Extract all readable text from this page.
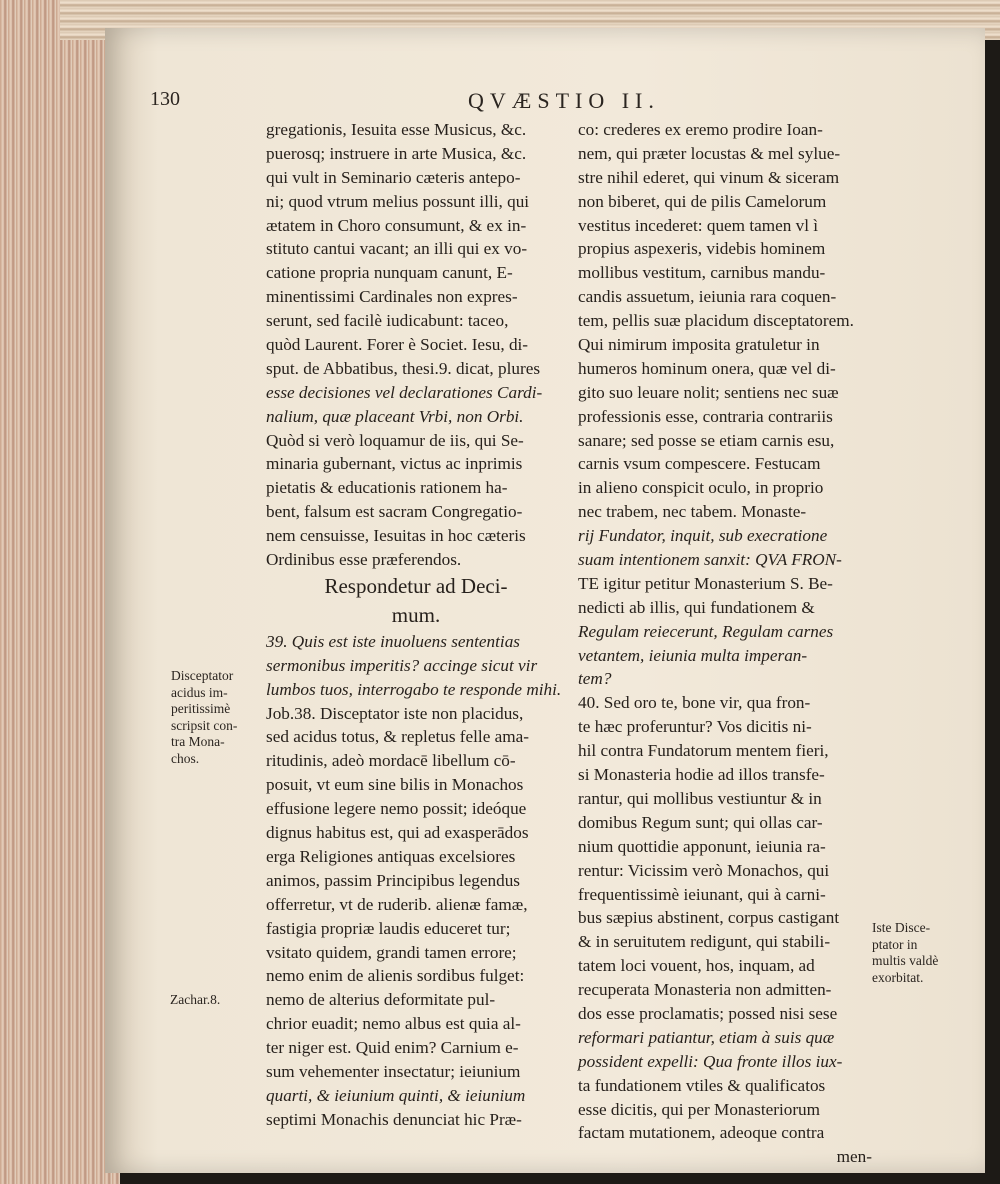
130	QVÆSTIO II.
gregationis, Iesuita esse Musicus, &c.
puerosq; instruere in arte Musica, &c.
qui vult in Seminario cæteris antepo-
ni; quod vtrum melius possunt illi, qui
ætatem in Choro consumunt, & ex in-
stituto cantui vacant; an illi qui ex vo-
catione propria nunquam canunt, E-
minentissimi Cardinales non expres-
serunt, sed facilè iudicabunt: taceo,
quòd Laurent. Forer è Societ. Iesu, di-
sput. de Abbatibus, thesi.9. dicat, plures
esse decisiones vel declarationes Cardi-
nalium, quæ placeant Vrbi, non Orbi.
Quòd si verò loquamur de iis, qui Se-
minaria gubernant, victus ac inprimis
pietatis & educationis rationem ha-
bent, falsum est sacram Congregatio-
nem censuisse, Iesuitas in hoc cæteris
Ordinibus esse præferendos.
Respondetur ad Deci-
mum.
39. Quis est iste inuoluens sententias
sermonibus imperitis? accinge sicut vir
lumbos tuos, interrogabo te responde mihi.
Job.38. Disceptator iste non placidus,
sed acidus totus, & repletus felle ama-
ritudinis, adeò mordacē libellum cō-
posuit, vt eum sine bilis in Monachos
effusione legere nemo possit; ideóque
dignus habitus est, qui ad exasperādos
erga Religiones antiquas excelsiores
animos, passim Principibus legendus
offerretur, vt de ruderib. alienæ famæ,
fastigia propriæ laudis educeret tur;
vsitato quidem, grandi tamen errore;
nemo enim de alienis sordibus fulget:
nemo de alterius deformitate pul-
chrior euadit; nemo albus est quia al-
ter niger est. Quid enim? Carnium e-
sum vehementer insectatur; ieiunium
quarti, & ieiunium quinti, & ieiunium
septimi Monachis denunciat hic Præ-
co: crederes ex eremo prodire Ioan-
nem, qui præter locustas & mel sylue-
stre nihil ederet, qui vinum & siceram
non biberet, qui de pilis Camelorum
vestitus incederet: quem tamen vl ì
propius aspexeris, videbis hominem
mollibus vestitum, carnibus mandu-
candis assuetum, ieiunia rara coquen-
tem, pellis suæ placidum disceptatorem.
Qui nimirum imposita gratuletur in
humeros hominum onera, quæ vel di-
gito suo leuare nolit; sentiens nec suæ
professionis esse, contraria contrariis
sanare; sed posse se etiam carnis esu,
carnis vsum compescere. Festucam
in alieno conspicit oculo, in proprio
nec trabem, nec tabem. Monaste-
rij Fundator, inquit, sub execratione
suam intentionem sanxit: QVA FRON-
TE igitur petitur Monasterium S. Be-
nedicti ab illis, qui fundationem &
Regulam reiecerunt, Regulam carnes
vetantem, ieiunia multa imperan-
tem?
40. Sed oro te, bone vir, qua fron-
te hæc proferuntur? Vos dicitis ni-
hil contra Fundatorum mentem fieri,
si Monasteria hodie ad illos transfe-
rantur, qui mollibus vestiuntur & in
domibus Regum sunt; qui ollas car-
nium quottidie apponunt, ieiunia ra-
rentur: Vicissim verò Monachos, qui
frequentissimè ieiunant, qui à carni-
bus sæpius abstinent, corpus castigant
& in seruitutem redigunt, qui stabili-
tatem loci vouent, hos, inquam, ad
recuperata Monasteria non admitten-
dos esse proclamatis; possed nisi sese
reformari patiantur, etiam à suis quæ
possident expelli: Qua fronte illos iux-
ta fundationem vtiles & qualificatos
esse dicitis, qui per Monasteriorum
factam mutationem, adeoque contra
men-
Disceptator
acidus im-
peritissimè
scripsit con-
tra Mona-
chos.
Zachar.8.
Iste Disce-
ptator in
multis valdè
exorbitat.
